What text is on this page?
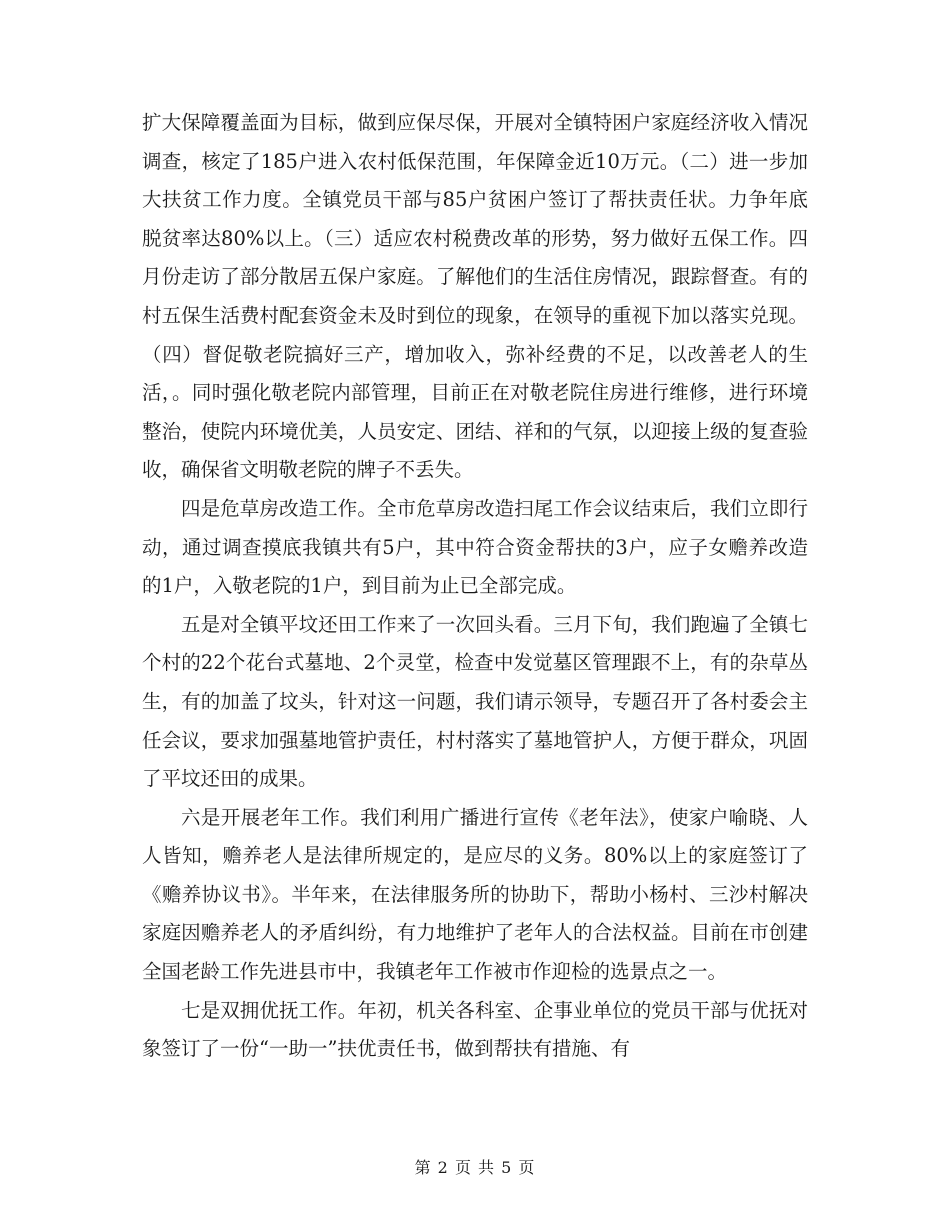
扩大保障覆盖面为目标，做到应保尽保，开展对全镇特困户家庭经济收入情况调查，核定了185户进入农村低保范围，年保障金近10万元。（二）进一步加大扶贫工作力度。全镇党员干部与85户贫困户签订了帮扶责任状。力争年底脱贫率达80%以上。（三）适应农村税费改革的形势，努力做好五保工作。四月份走访了部分散居五保户家庭。了解他们的生活住房情况，跟踪督查。有的村五保生活费村配套资金未及时到位的现象，在领导的重视下加以落实兑现。（四）督促敬老院搞好三产，增加收入，弥补经费的不足，以改善老人的生活，。同时强化敬老院内部管理，目前正在对敬老院住房进行维修，进行环境整治，使院内环境优美，人员安定、团结、祥和的气氛，以迎接上级的复查验收，确保省文明敬老院的牌子不丢失。

四是危草房改造工作。全市危草房改造扫尾工作会议结束后，我们立即行动，通过调查摸底我镇共有5户，其中符合资金帮扶的3户，应子女赡养改造的1户，入敬老院的1户，到目前为止已全部完成。

五是对全镇平坟还田工作来了一次回头看。三月下旬，我们跑遍了全镇七个村的22个花台式墓地、2个灵堂，检查中发觉墓区管理跟不上，有的杂草丛生，有的加盖了坟头，针对这一问题，我们请示领导，专题召开了各村委会主任会议，要求加强墓地管护责任，村村落实了墓地管护人，方便于群众，巩固了平坟还田的成果。

六是开展老年工作。我们利用广播进行宣传《老年法》，使家户喻晓、人人皆知，赡养老人是法律所规定的，是应尽的义务。80%以上的家庭签订了《赡养协议书》。半年来，在法律服务所的协助下，帮助小杨村、三沙村解决家庭因赡养老人的矛盾纠纷，有力地维护了老年人的合法权益。目前在市创建全国老龄工作先进县市中，我镇老年工作被市作迎检的选景点之一。

七是双拥优抚工作。年初，机关各科室、企事业单位的党员干部与优抚对象签订了一份“一助一”扶优责任书，做到帮扶有措施、有

第 2 页 共 5 页
